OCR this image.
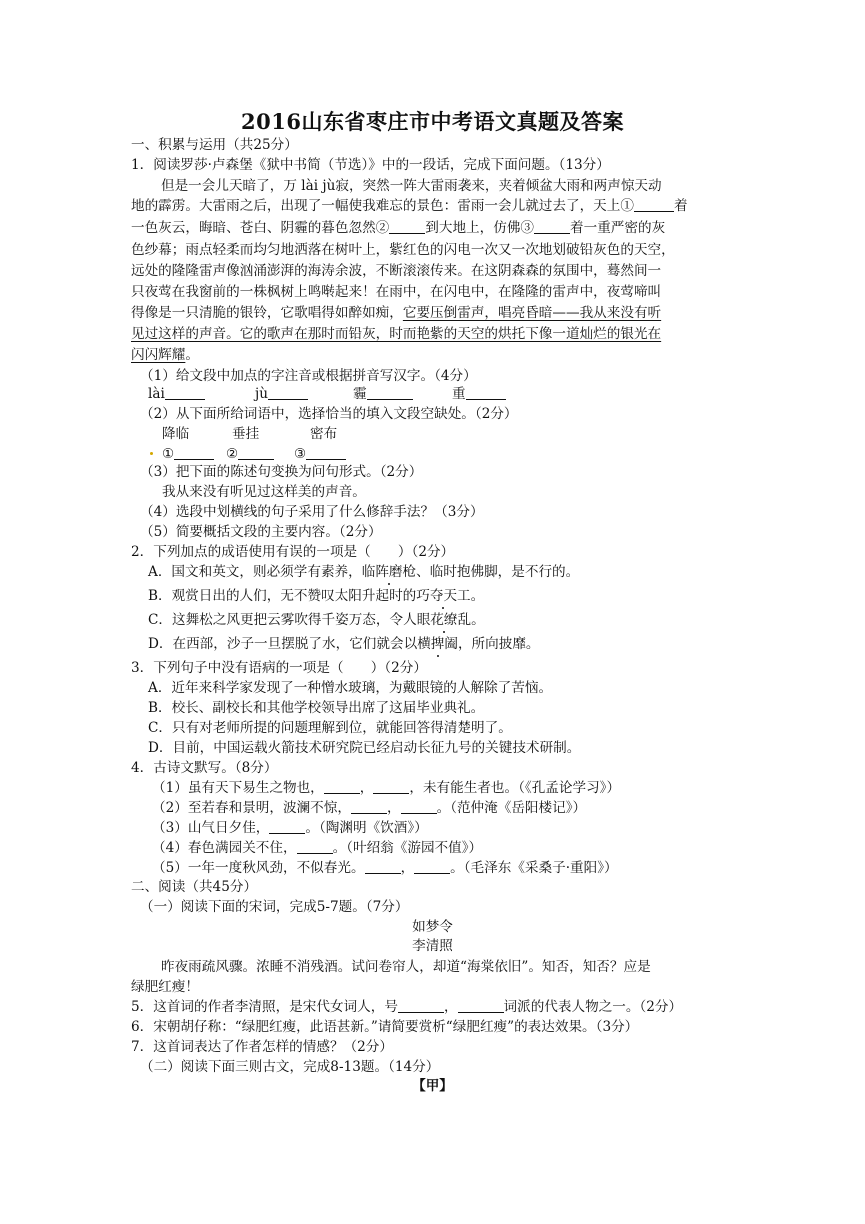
2016山东省枣庄市中考语文真题及答案
一、积累与运用（共25分）
1．阅读罗莎·卢森堡《狱中书简（节选）》中的一段话，完成下面问题。（13分）
但是一会儿天暗了，万 lài jù寂，突然一阵大雷雨袭来，夹着倾盆大雨和两声惊天动
地的霹雳。大雷雨之后，出现了一幅使我难忘的景色：雷雨一会儿就过去了，天上①	着
一色灰云，晦暗、苍白、阴霾的暮色忽然②	到大地上，仿佛③	着一重严密的灰
色纱幕；雨点轻柔而均匀地洒落在树叶上，紫红色的闪电一次又一次地划破铅灰色的天空，
远处的隆隆雷声像汹涌澎湃的海涛余波，不断滚滚传来。在这阴森森的氛围中，蓦然间一
只夜莺在我窗前的一株枫树上鸣啭起来！在雨中，在闪电中，在隆隆的雷声中，夜莺啼叫
得像是一只清脆的银铃，它歌唱得如醉如痴，它要压倒雷声，唱亮昏暗——我从来没有听
见过这样的声音。它的歌声在那时而铅灰，时而艳紫的天空的烘托下像一道灿烂的银光在
闪闪辉耀。
（1）给文段中加点的字注音或根据拼音写汉字。（4分）
lài	jù	霾	重
（2）从下面所给词语中，选择恰当的填入文段空缺处。（2分）
降临	垂挂	密布
①	②	③
（3）把下面的陈述句变换为问句形式。（2分）
我从来没有听见过这样美的声音。
（4）选段中划横线的句子采用了什么修辞手法？（3分）
（5）简要概括文段的主要内容。（2分）
2．下列加点的成语使用有误的一项是（　　）（2分）
A．国文和英文，则必须学有素养，临阵磨枪、临时抱佛脚，是不行的。
B．观赏日出的人们，无不赞叹太阳升起时的巧夺天工。
C．这舞松之风更把云雾吹得千姿万态，令人眼花缭乱。
D．在西部，沙子一旦摆脱了水，它们就会以横捭阖，所向披靡。
3．下列句子中没有语病的一项是（　　）（2分）
A．近年来科学家发现了一种憎水玻璃，为戴眼镜的人解除了苦恼。
B．校长、副校长和其他学校领导出席了这届毕业典礼。
C．只有对老师所提的问题理解到位，就能回答得清楚明了。
D．目前，中国运载火箭技术研究院已经启动长征九号的关键技术研制。
4．古诗文默写。（8分）
（1）虽有天下易生之物也，	，	，未有能生者也。（《孔孟论学习》）
（2）至若春和景明，波澜不惊，	，	。（范仲淹《岳阳楼记》）
（3）山气日夕佳，	。（陶渊明《饮酒》）
（4）春色满园关不住，	。（叶绍翁《游园不值》）
（5）一年一度秋风劲，不似春光。	，	。（毛泽东《采桑子·重阳》）
二、阅读（共45分）
（一）阅读下面的宋词，完成5-7题。（7分）
如梦令
李清照
昨夜雨疏风骤。浓睡不消残酒。试问卷帘人，却道“海棠依旧”。知否，知否？应是
绿肥红瘦！
5．这首词的作者李清照，是宋代女词人，号	，	词派的代表人物之一。（2分）
6．宋朝胡仔称：“绿肥红瘦，此语甚新。”请简要赏析“绿肥红瘦”的表达效果。（3分）
7．这首词表达了作者怎样的情感？（2分）
（二）阅读下面三则古文，完成8-13题。（14分）
【甲】
